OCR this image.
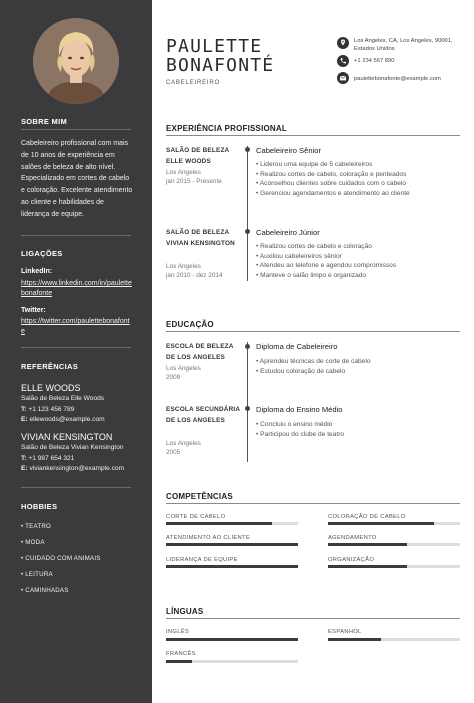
SOBRE MIM
Cabeleireiro profissional com mais de 10 anos de experiência em salões de beleza de alto nível. Especializado em cortes de cabelo e coloração. Excelente atendimento ao cliente e habilidades de liderança de equipe.
LIGAÇÕES
LinkedIn:
https://www.linkedin.com/in/paulettebonafonte
Twitter:
https://twitter.com/paulettebonafonte
REFERÊNCIAS
ELLE WOODS
Salão de Beleza Elle Woods
T: +1 123 456 789
E: ellewoods@example.com
VIVIAN KENSINGTON
Salão de Beleza Vivian Kensington
T: +1 987 654 321
E: viviankensington@example.com
HOBBIES
• TEATRO
• MODA
• CUIDADO COM ANIMAIS
• LEITURA
• CAMINHADAS
PAULETTE
BONAFONTÉ
CABELEIREIRO
Los Angeles, CA, Los Angeles, 90001,
Estados Unidos
+1 234 567 890
paulettebonafonte@example.com
EXPERIÊNCIA PROFISSIONAL
SALÃO DE BELEZA ELLE WOODS
Los Angeles
jan 2015 - Presente
Cabeleireiro Sênior
• Liderou uma equipe de 5 cabeleireiros
• Realizou cortes de cabelo, coloração e penteados
• Aconselhou clientes sobre cuidados com o cabelo
• Gerenciou agendamentos e atendimento ao cliente
SALÃO DE BELEZA VIVIAN KENSINGTON
Los Angeles
jan 2010 - dez 2014
Cabeleireiro Júnior
• Realizou cortes de cabelo e coloração
• Auxiliou cabeleireiros sênior
• Atendeu ao telefone e agendou compromissos
• Manteve o salão limpo e organizado
EDUCAÇÃO
ESCOLA DE BELEZA DE LOS ANGELES
Los Angeles
2009
Diploma de Cabeleireiro
• Aprendeu técnicas de corte de cabelo
• Estudou coloração de cabelo
ESCOLA SECUNDÁRIA DE LOS ANGELES
Los Angeles
2005
Diploma do Ensino Médio
• Concluiu o ensino médio
• Participou do clube de teatro
COMPETÊNCIAS
CORTE DE CABELO	COLORAÇÃO DE CABELO
ATENDIMENTO AO CLIENTE	AGENDAMENTO
LIDERANÇA DE EQUIPE	ORGANIZAÇÃO
LÍNGUAS
INGLÊS	ESPANHOL
FRANCÊS
